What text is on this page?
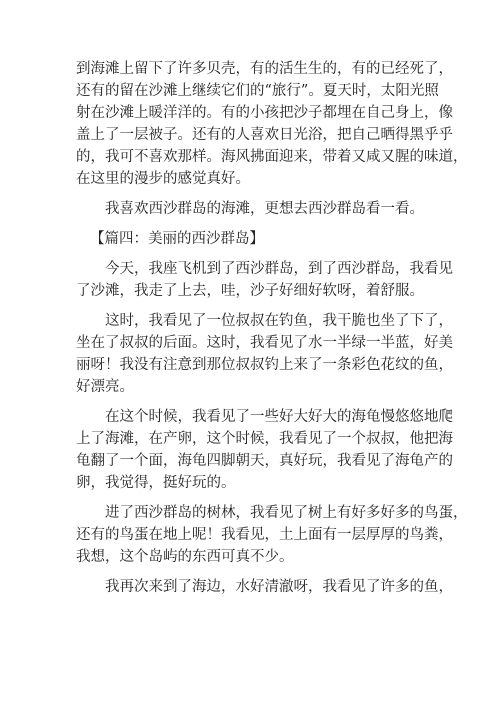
到海滩上留下了许多贝壳，有的活生生的，有的已经死了，
还有的留在沙滩上继续它们的“旅行”。夏天时，太阳光照
射在沙滩上暖洋洋的。有的小孩把沙子都埋在自己身上，像
盖上了一层被子。还有的人喜欢日光浴，把自己晒得黑乎乎
的，我可不喜欢那样。海风拂面迎来，带着又咸又腥的味道，
在这里的漫步的感觉真好。
我喜欢西沙群岛的海滩，更想去西沙群岛看一看。
【篇四：美丽的西沙群岛】
今天，我座飞机到了西沙群岛，到了西沙群岛，我看见
了沙滩，我走了上去，哇，沙子好细好软呀，着舒服。
这时，我看见了一位叔叔在钓鱼，我干脆也坐了下了，
坐在了叔叔的后面。这时，我看见了水一半绿一半蓝，好美
丽呀！我没有注意到那位叔叔钓上来了一条彩色花纹的鱼，
好漂亮。
在这个时候，我看见了一些好大好大的海龟慢悠悠地爬
上了海滩，在产卵，这个时候，我看见了一个叔叔，他把海
龟翻了一个面，海龟四脚朝天，真好玩，我看见了海龟产的
卵，我觉得，挺好玩的。
进了西沙群岛的树林，我看见了树上有好多好多的鸟蛋，
还有的鸟蛋在地上呢！我看见，土上面有一层厚厚的鸟粪，
我想，这个岛屿的东西可真不少。
我再次来到了海边，水好清澈呀，我看见了许多的鱼，
